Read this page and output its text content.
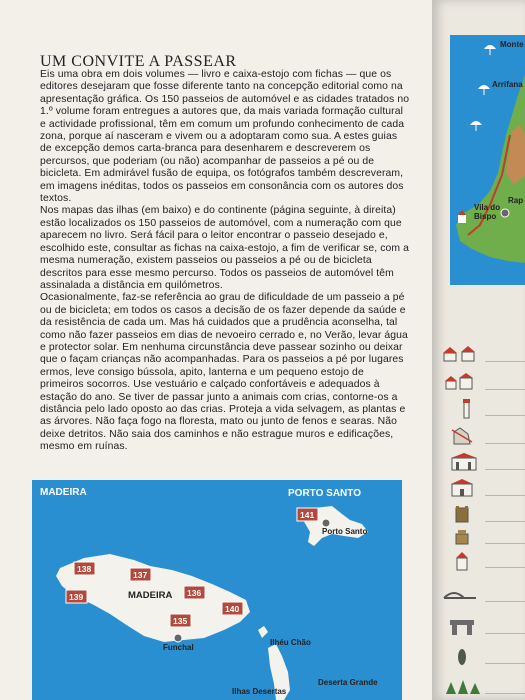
UM CONVITE A PASSEAR

Eis uma obra em dois volumes — livro e caixa-estojo com fichas — que os editores desejaram que fosse diferente tanto na concepção editorial como na apresentação gráfica. Os 150 passeios de automóvel e as cidades tratados no 1.º volume foram entregues a autores que, da mais variada formação cultural e actividade profissional, têm em comum um profundo conhecimento de cada zona, porque aí nasceram e vivem ou a adoptaram como sua. A estes guias de excepção demos carta-branca para desenharem e descreverem os percursos, que poderiam (ou não) acompanhar de passeios a pé ou de bicicleta. Em admirável fusão de equipa, os fotógrafos também descreveram, em imagens inéditas, todos os passeios em consonância com os autores dos textos.

Nos mapas das ilhas (em baixo) e do continente (página seguinte, à direita) estão localizados os 150 passeios de automóvel, com a numeração com que aparecem no livro. Será fácil para o leitor encontrar o passeio desejado e, escolhido este, consultar as fichas na caixa-estojo, a fim de verificar se, com a mesma numeração, existem passeios ou passeios a pé ou de bicicleta descritos para esse mesmo percurso. Todos os passeios de automóvel têm assinalada a distância em quilómetros.

Ocasionalmente, faz-se referência ao grau de dificuldade de um passeio a pé ou de bicicleta; em todos os casos a decisão de os fazer depende da saúde e da resistência de cada um. Mas há cuidados que a prudência aconselha, tal como não fazer passeios em dias de nevoeiro cerrado e, no Verão, levar água e protector solar. Em nenhuma circunstância deve passear sozinho ou deixar que o façam crianças não acompanhadas. Para os passeios a pé por lugares ermos, leve consigo bússola, apito, lanterna e um pequeno estojo de primeiros socorros. Use vestuário e calçado confortáveis e adequados à estação do ano. Se tiver de passar junto a animais com crias, contorne-os a distância pelo lado oposto ao das crias. Proteja a vida selvagem, as plantas e as árvores. Não faça fogo na floresta, mato ou junto de fenos e searas. Não deixe detritos. Não saia dos caminhos e não estrague muros e edificações, mesmo em ruínas.

MADEIRA	PORTO SANTO
MADEIRA
Porto Santo
Funchal
Ilhéu Chão
Deserta Grande
Ilhas Desertas
141
138
137
139	136
140
135
Monte
Arrifana
Vila do
Bispo
Rap
